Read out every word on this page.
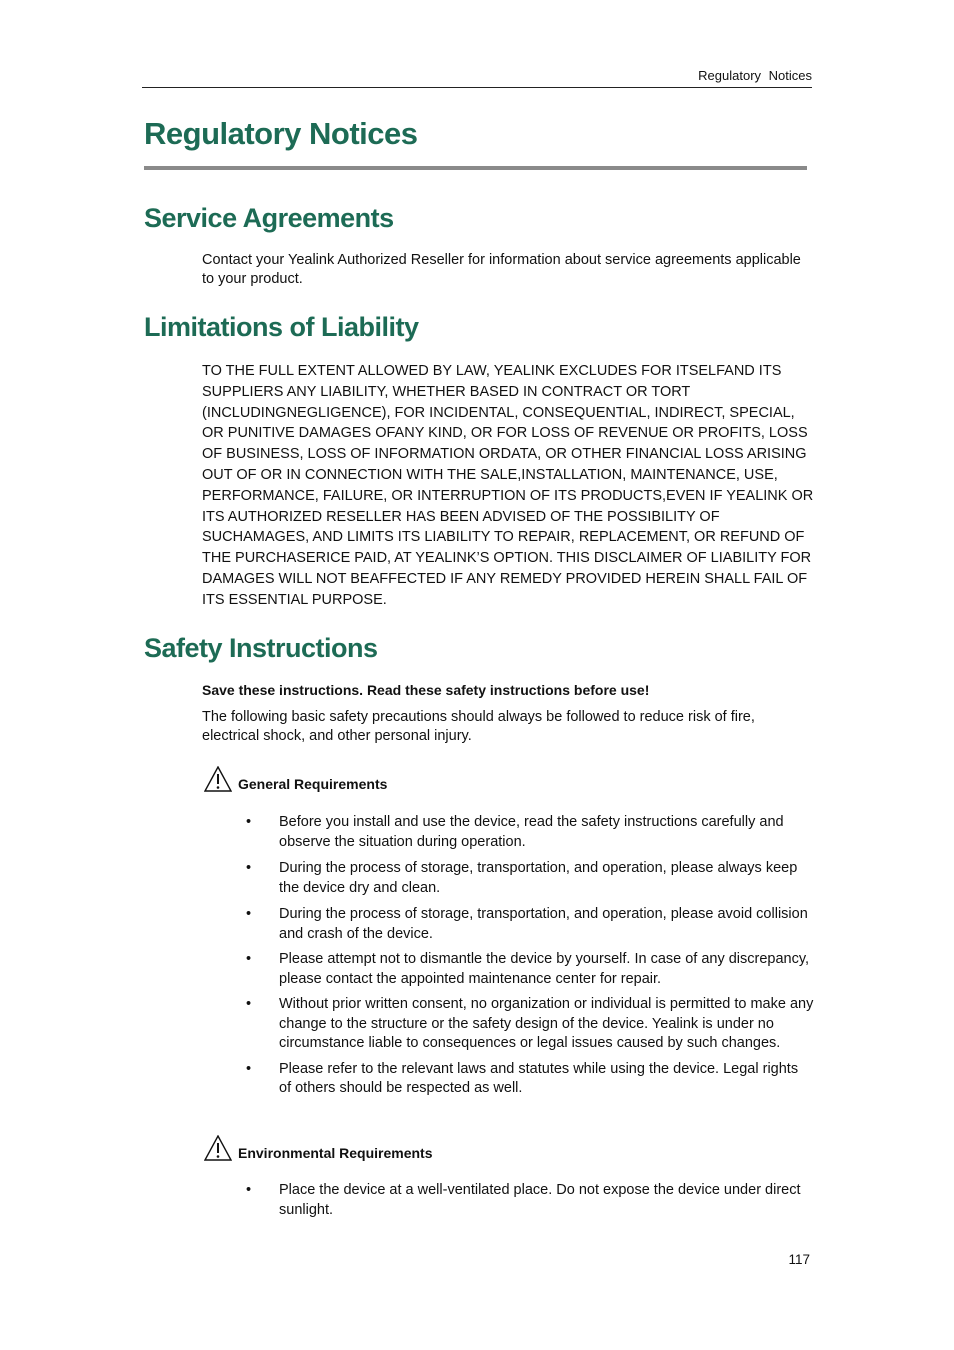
Regulatory Notices
Regulatory Notices
Service Agreements

Contact your Yealink Authorized Reseller for information about service agreements applicable to your product.

Limitations of Liability

TO THE FULL EXTENT ALLOWED BY LAW, YEALINK EXCLUDES FOR ITSELFAND ITS SUPPLIERS ANY LIABILITY, WHETHER BASED IN CONTRACT OR TORT (INCLUDINGNEGLIGENCE), FOR INCIDENTAL, CONSEQUENTIAL, INDIRECT, SPECIAL, OR PUNITIVE DAMAGES OFANY KIND, OR FOR LOSS OF REVENUE OR PROFITS, LOSS OF BUSINESS, LOSS OF INFORMATION ORDATA, OR OTHER FINANCIAL LOSS ARISING OUT OF OR IN CONNECTION WITH THE SALE,INSTALLATION, MAINTENANCE, USE, PERFORMANCE, FAILURE, OR INTERRUPTION OF ITS PRODUCTS,EVEN IF YEALINK OR ITS AUTHORIZED RESELLER HAS BEEN ADVISED OF THE POSSIBILITY OF SUCHAMAGES, AND LIMITS ITS LIABILITY TO REPAIR, REPLACEMENT, OR REFUND OF THE PURCHASERICE PAID, AT YEALINK’S OPTION. THIS DISCLAIMER OF LIABILITY FOR DAMAGES WILL NOT BEAFFECTED IF ANY REMEDY PROVIDED HEREIN SHALL FAIL OF ITS ESSENTIAL PURPOSE.

Safety Instructions

Save these instructions. Read these safety instructions before use!

The following basic safety precautions should always be followed to reduce risk of fire, electrical shock, and other personal injury.

General Requirements
• Before you install and use the device, read the safety instructions carefully and observe the situation during operation.
• During the process of storage, transportation, and operation, please always keep the device dry and clean.
• During the process of storage, transportation, and operation, please avoid collision and crash of the device.
• Please attempt not to dismantle the device by yourself. In case of any discrepancy, please contact the appointed maintenance center for repair.
• Without prior written consent, no organization or individual is permitted to make any change to the structure or the safety design of the device. Yealink is under no circumstance liable to consequences or legal issues caused by such changes.
• Please refer to the relevant laws and statutes while using the device. Legal rights of others should be respected as well.
Environmental Requirements
• Place the device at a well-ventilated place. Do not expose the device under direct sunlight.
117
